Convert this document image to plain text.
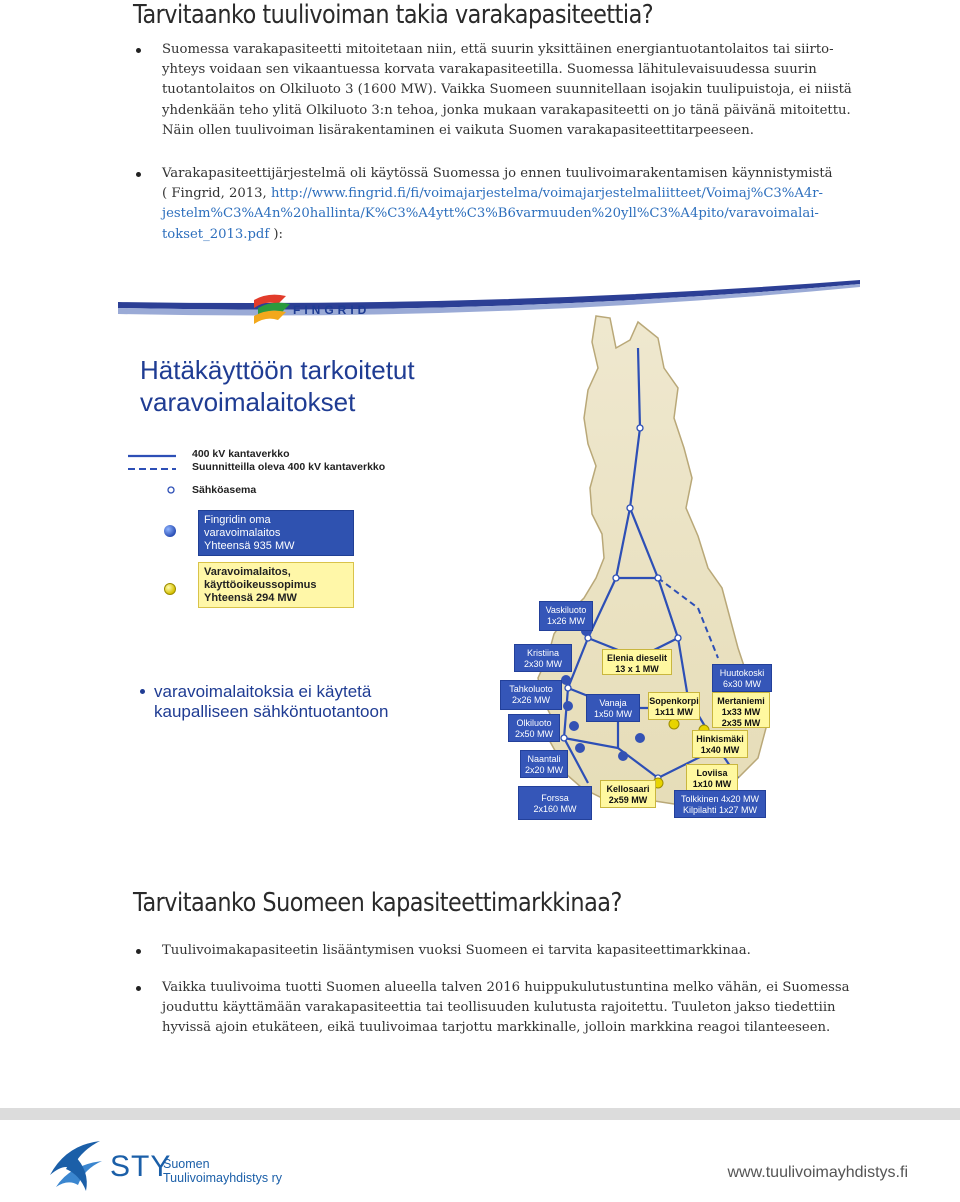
Tarvitaanko tuulivoiman takia varakapasiteettia?

Suomessa varakapasiteetti mitoitetaan niin, että suurin yksittäinen energiantuotantolaitos tai siirto-
yhteys voidaan sen vikaantuessa korvata varakapasiteetilla. Suomessa lähitulevaisuudessa suurin
tuotantolaitos on Olkiluoto 3 (1600 MW). Vaikka Suomeen suunnitellaan isojakin tuulipuistoja, ei niistä
yhdenkään teho ylitä Olkiluoto 3:n tehoa, jonka mukaan varakapasiteetti on jo tänä päivänä mitoitettu.
Näin ollen tuulivoiman lisärakentaminen ei vaikuta Suomen varakapasiteettitarpeeseen.

Varakapasiteettijärjestelmä oli käytössä Suomessa jo ennen tuulivoimarakentamisen käynnistymistä
( Fingrid, 2013, http://www.fingrid.fi/fi/voimajarjestelma/voimajarjestelmaliitteet/Voimaj%C3%A4r-
jestelm%C3%A4n%20hallinta/K%C3%A4ytt%C3%B6varmuuden%20yll%C3%A4pito/varavoimalai-
tokset_2013.pdf ):

FINGRID
Hätäkäyttöön tarkoitetut
varavoimalaitokset
400 kV kantaverkko
Suunnitteilla oleva 400 kV kantaverkko
Sähköasema
Fingridin oma
varavoimalaitos
Yhteensä 935 MW
Varavoimalaitos,
käyttöoikeussopimus
Yhteensä 294 MW

varavoimalaitoksia ei käytetä
kaupalliseen sähköntuotantoon

Vaskiluoto
1x26 MW
Kristiina
2x30 MW
Tahkoluoto
2x26 MW
Olkiluoto
2x50 MW
Naantali
2x20 MW
Forssa
2x160 MW
Vanaja
1x50 MW
Elenia dieselit
13 x 1 MW
Sopenkorpi
1x11 MW
Huutokoski
6x30 MW
Mertaniemi
1x33 MW
2x35 MW
Hinkismäki
1x40 MW
Loviisa
1x10 MW
Kellosaari
2x59 MW	Tolkkinen 4x20 MW
Kilpilahti 1x27 MW
Tarvitaanko Suomeen kapasiteettimarkkinaa?

Tuulivoimakapasiteetin lisääntymisen vuoksi Suomeen ei tarvita kapasiteettimarkkinaa.

Vaikka tuulivoima tuotti Suomen alueella talven 2016 huippukulutustuntina melko vähän, ei Suomessa
jouduttu käyttämään varakapasiteettia tai teollisuuden kulutusta rajoitettu. Tuuleton jakso tiedettiin
hyvissä ajoin etukäteen, eikä tuulivoimaa tarjottu markkinalle, jolloin markkina reagoi tilanteeseen.

STY

Suomen
Tuulivoimayhdistys ry	www.tuulivoimayhdistys.fi
